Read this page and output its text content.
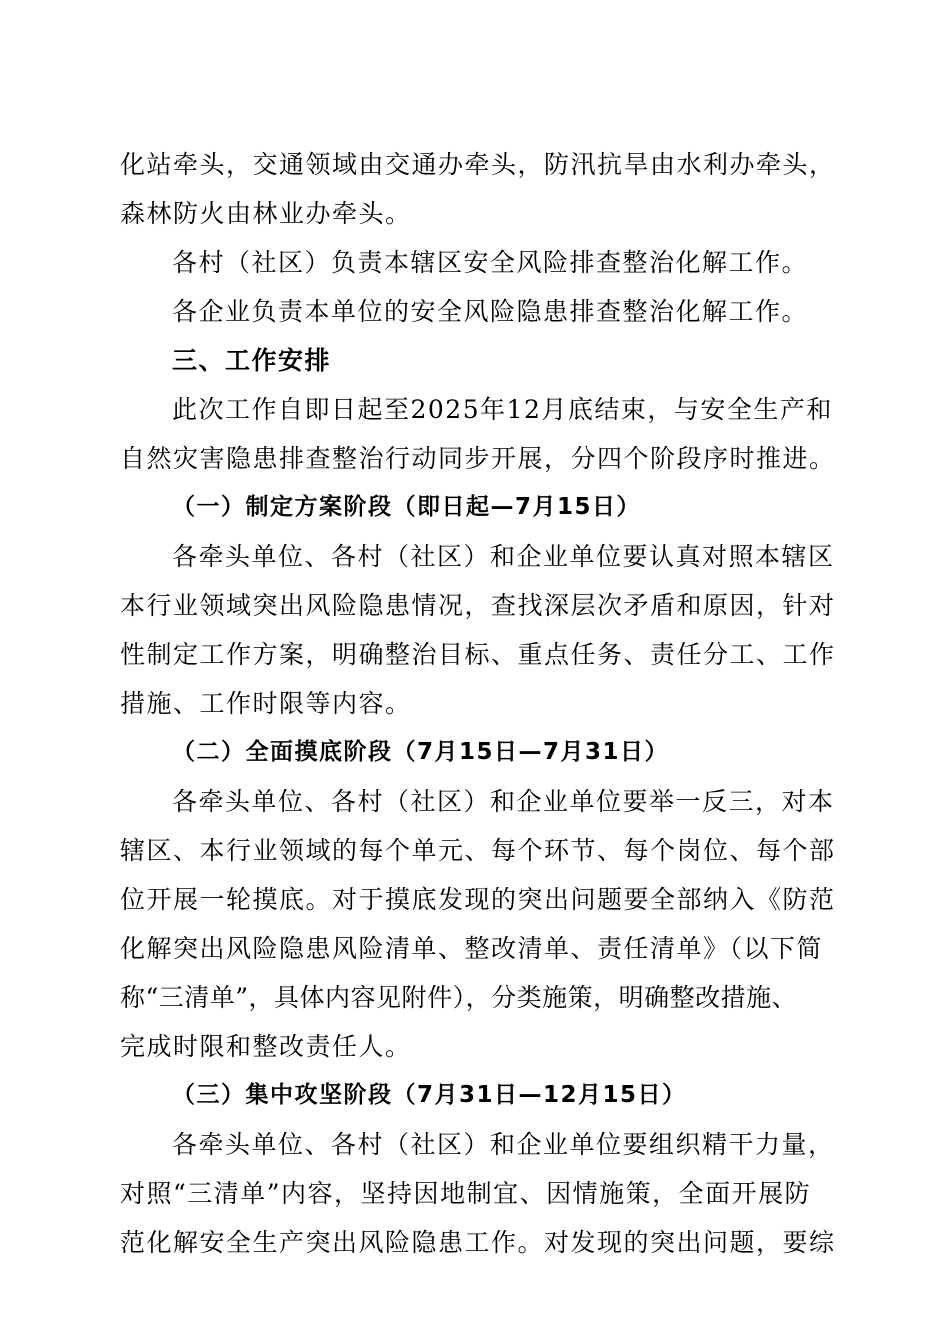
化站牵头，交通领域由交通办牵头，防汛抗旱由水利办牵头，
森林防火由林业办牵头。
各村（社区）负责本辖区安全风险排查整治化解工作。
各企业负责本单位的安全风险隐患排查整治化解工作。
三、工作安排
此次工作自即日起至2025年12月底结束，与安全生产和
自然灾害隐患排查整治行动同步开展，分四个阶段序时推进。
（一）制定方案阶段（即日起—7月15日）
各牵头单位、各村（社区）和企业单位要认真对照本辖区
本行业领域突出风险隐患情况，查找深层次矛盾和原因，针对
性制定工作方案，明确整治目标、重点任务、责任分工、工作
措施、工作时限等内容。
（二）全面摸底阶段（7月15日—7月31日）
各牵头单位、各村（社区）和企业单位要举一反三，对本
辖区、本行业领域的每个单元、每个环节、每个岗位、每个部
位开展一轮摸底。对于摸底发现的突出问题要全部纳入《防范
化解突出风险隐患风险清单、整改清单、责任清单》（以下简
称“三清单”，具体内容见附件），分类施策，明确整改措施、
完成时限和整改责任人。
（三）集中攻坚阶段（7月31日—12月15日）
各牵头单位、各村（社区）和企业单位要组织精干力量，
对照“三清单”内容，坚持因地制宜、因情施策，全面开展防
范化解安全生产突出风险隐患工作。对发现的突出问题，要综
